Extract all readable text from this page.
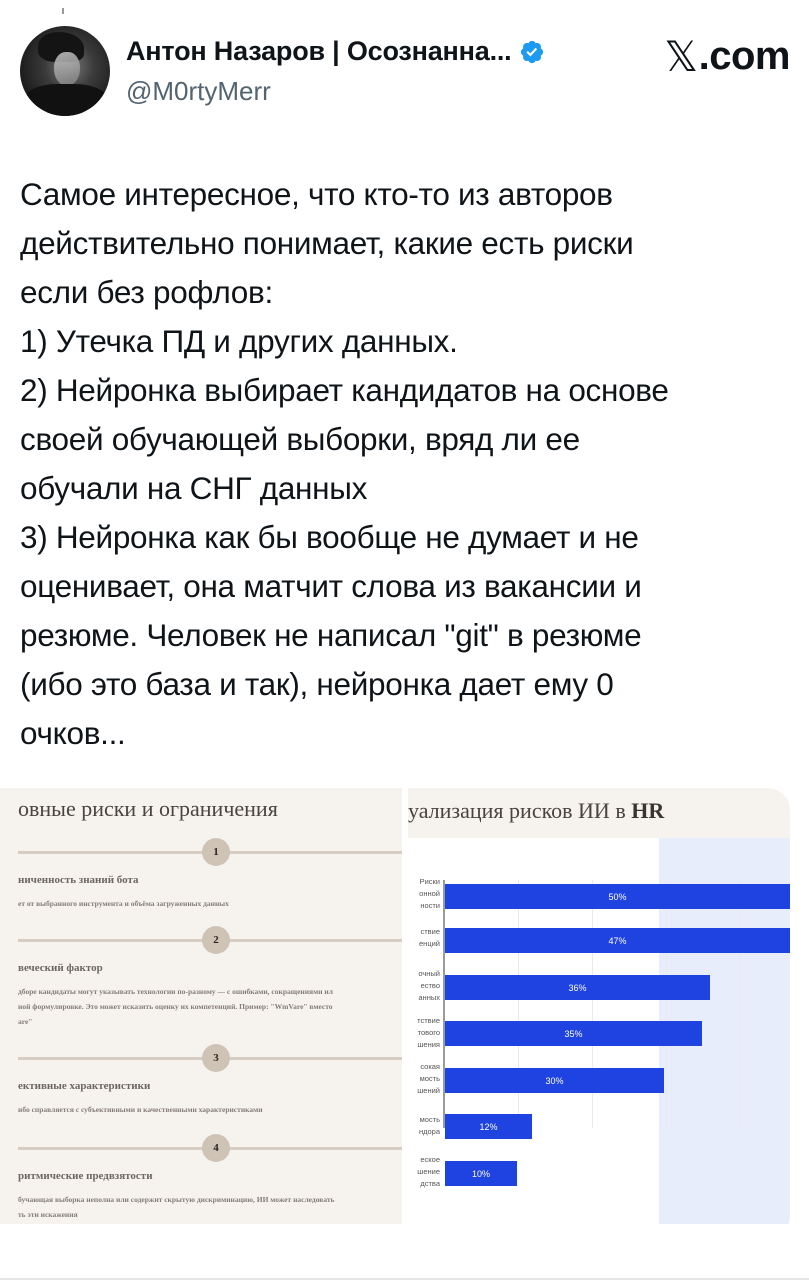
Антон Назаров | Осознанна...
@M0rtyMerr
𝕏 .com
Самое интересное, что кто-то из авторов
действительно понимает, какие есть риски
если без рофлов:
1) Утечка ПД и других данных.
2) Нейронка выбирает кандидатов на основе
своей обучающей выборки, вряд ли ее
обучали на СНГ данных
3) Нейронка как бы вообще не думает и не
оценивает, она матчит слова из вакансии и
резюме. Человек не написал "git" в резюме
(ибо это база и так), нейронка дает ему 0
очков...
овные риски и ограничения
1
ниченность знаний бота
ет от выбранного инструмента и объёма загруженных данных
2
веческий фактор
дборе кандидаты могут указывать технологии по-разному — с ошибками, сокращениями ил
ной формулировке. Это может исказить оценку их компетенций. Пример: "WmVare" вместо
are"
3
ективные характеристики
ибо справляется с субъективными и качественными характеристиками
4
ритмические предвзятости
бучающая выборка неполна или содержит скрытую дискриминацию, ИИ может наследовать
ть эти искажения
уализация рисков ИИ в HR
Риски
онной
ности
50%
ствие
енций	47%
очный
ество
анных
36%
тствие
тового
шения
35%
сокая
мость
шений
30%
мость
ндора	12%
еское
шение
дства
10%
